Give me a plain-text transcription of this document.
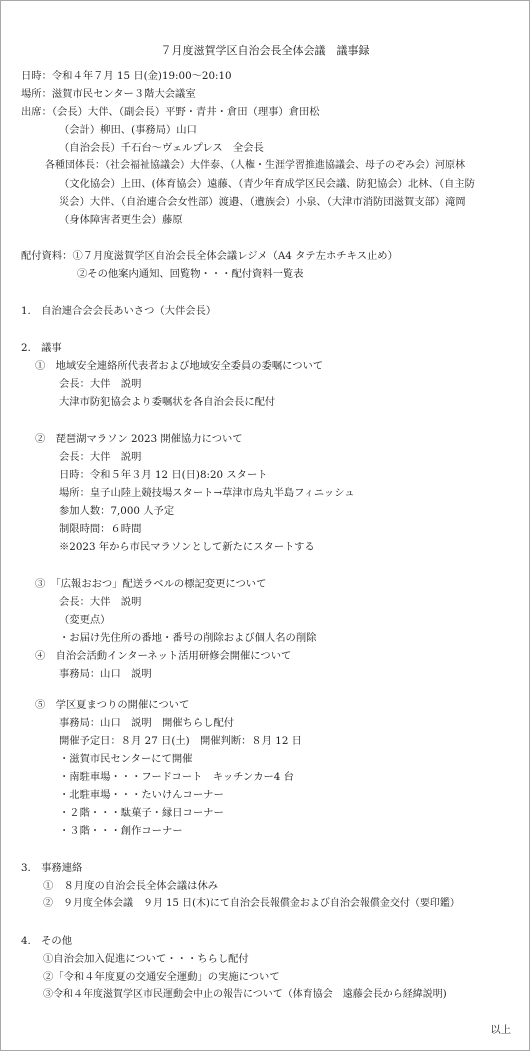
７月度滋賀学区自治会長全体会議　議事録
日時：令和４年７月 15 日(金)19:00～20:10
場所：滋賀市民センター３階大会議室
出席：（会長）大伴、（副会長）平野・青井・倉田（理事）倉田松
（会計）柳田、(事務局）山口
（自治会長）千石台～ヴェルプレス　全会長
各種団体長：（社会福祉協議会）大伴泰、（人権・生涯学習推進協議会、母子のぞみ会）河原林
（文化協会）上田、(体育協会）遠藤、（青少年育成学区民会議、防犯協会）北林、（自主防
災会）大伴、（自治連合会女性部）渡邉、（遺族会）小泉、（大津市消防団滋賀支部）滝岡
（身体障害者更生会）藤原
配付資料：①７月度滋賀学区自治会長全体会議レジメ（A4 タテ左ホチキス止め）
②その他案内通知、回覧物・・・配付資料一覧表
1.　自治連合会会長あいさつ（大伴会長）
2.　議事
①　地域安全連絡所代表者および地域安全委員の委嘱について
会長：大伴　説明
大津市防犯協会より委嘱状を各自治会長に配付
②　琵琶湖マラソン 2023 開催協力について
会長：大伴　説明
日時：令和５年３月 12 日(日)8:20 スタート
場所：皇子山陸上競技場スタート→草津市烏丸半島フィニッシュ
参加人数：7,000 人予定
制限時間：６時間
※2023 年から市民マラソンとして新たにスタートする
③　「広報おおつ」配送ラベルの標記変更について
会長：大伴　説明
（変更点）
・お届け先住所の番地・番号の削除および個人名の削除
④　自治会活動インターネット活用研修会開催について
事務局：山口　説明
⑤　学区夏まつりの開催について
事務局：山口　説明　開催ちらし配付
開催予定日：８月 27 日(土)　開催判断：８月 12 日
・滋賀市民センターにて開催
・南駐車場・・・フードコート　キッチンカー4 台
・北駐車場・・・たいけんコーナー
・２階・・・駄菓子・縁日コーナー
・３階・・・創作コーナー
3.　事務連絡
①　８月度の自治会長全体会議は休み
②　９月度全体会議　９月 15 日(木)にて自治会長報償金および自治会報償金交付（要印鑑）
4.　その他
①自治会加入促進について・・・ちらし配付
②「令和４年度夏の交通安全運動」の実施について
③令和４年度滋賀学区市民運動会中止の報告について（体育協会　遠藤会長から経緯説明)
以上
